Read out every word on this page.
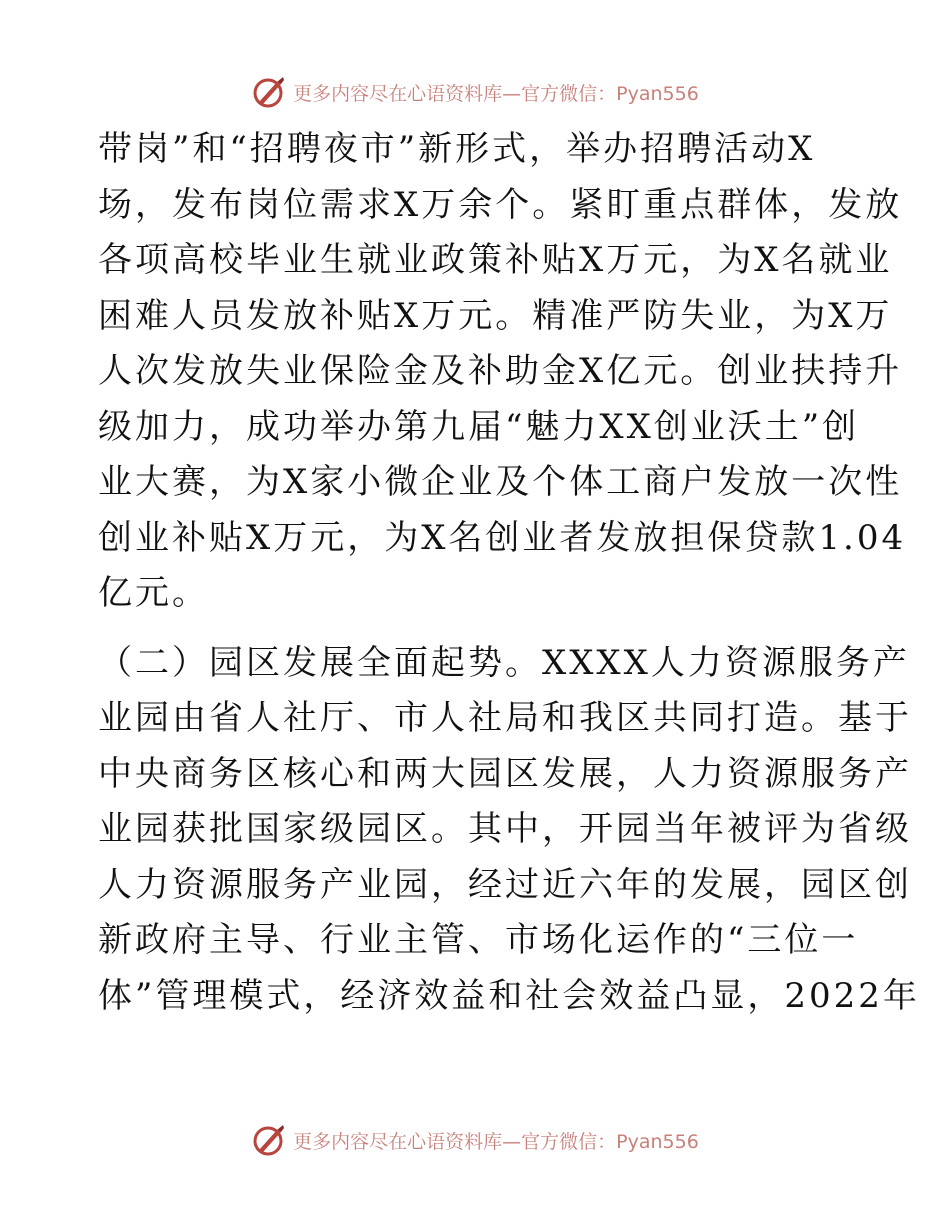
更多内容尽在心语资料库—官方微信：Pyan556

带岗”和“招聘夜市”新形式，举办招聘活动X
场，发布岗位需求X万余个。紧盯重点群体，发放
各项高校毕业生就业政策补贴X万元，为X名就业
困难人员发放补贴X万元。精准严防失业，为X万
人次发放失业保险金及补助金X亿元。创业扶持升
级加力，成功举办第九届“魅力XX创业沃土”创
业大赛，为X家小微企业及个体工商户发放一次性
创业补贴X万元，为X名创业者发放担保贷款1.04
亿元。

（二）园区发展全面起势。XXXX人力资源服务产
业园由省人社厅、市人社局和我区共同打造。基于
中央商务区核心和两大园区发展，人力资源服务产
业园获批国家级园区。其中，开园当年被评为省级
人力资源服务产业园，经过近六年的发展，园区创
新政府主导、行业主管、市场化运作的“三位一
体”管理模式，经济效益和社会效益凸显，2022年

更多内容尽在心语资料库—官方微信：Pyan556
